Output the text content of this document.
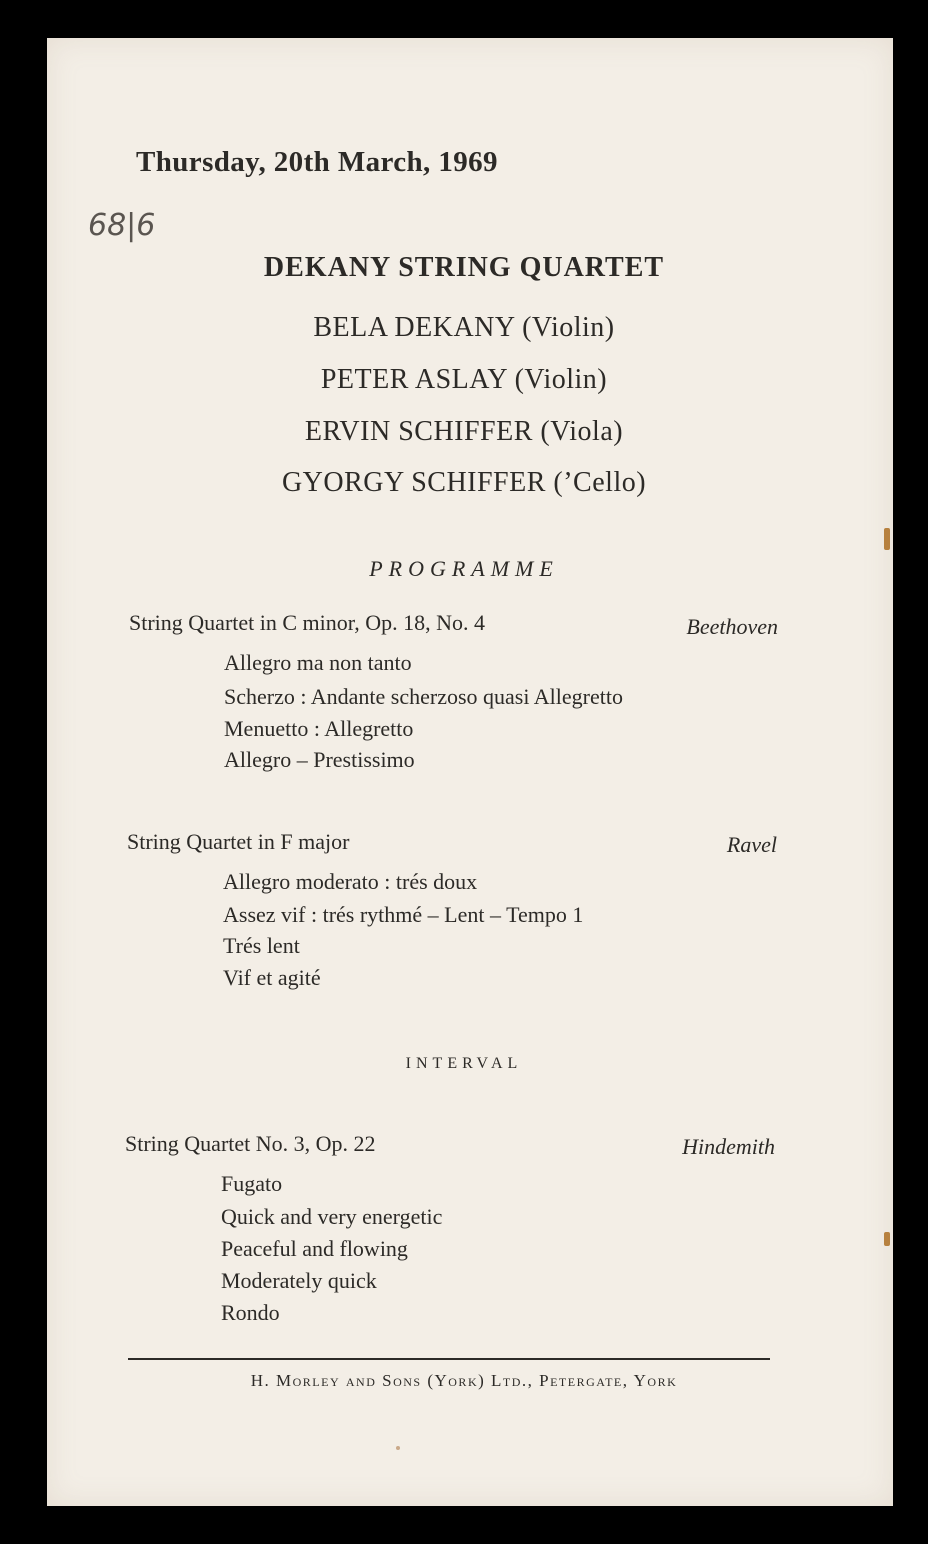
Thursday, 20th March, 1969
68|6
DEKANY STRING QUARTET
BELA DEKANY (Violin)
PETER ASLAY (Violin)
ERVIN SCHIFFER (Viola)
GYORGY SCHIFFER (’Cello)
PROGRAMME
String Quartet in C minor, Op. 18, No. 4	Beethoven
Allegro ma non tanto
Scherzo : Andante scherzoso quasi Allegretto
Menuetto : Allegretto
Allegro – Prestissimo
String Quartet in F major	Ravel
Allegro moderato : trés doux
Assez vif : trés rythmé – Lent – Tempo 1
Trés lent
Vif et agité
INTERVAL
String Quartet No. 3, Op. 22	Hindemith
Fugato
Quick and very energetic
Peaceful and flowing
Moderately quick
Rondo
H. Morley and Sons (York) Ltd., Petergate, York
